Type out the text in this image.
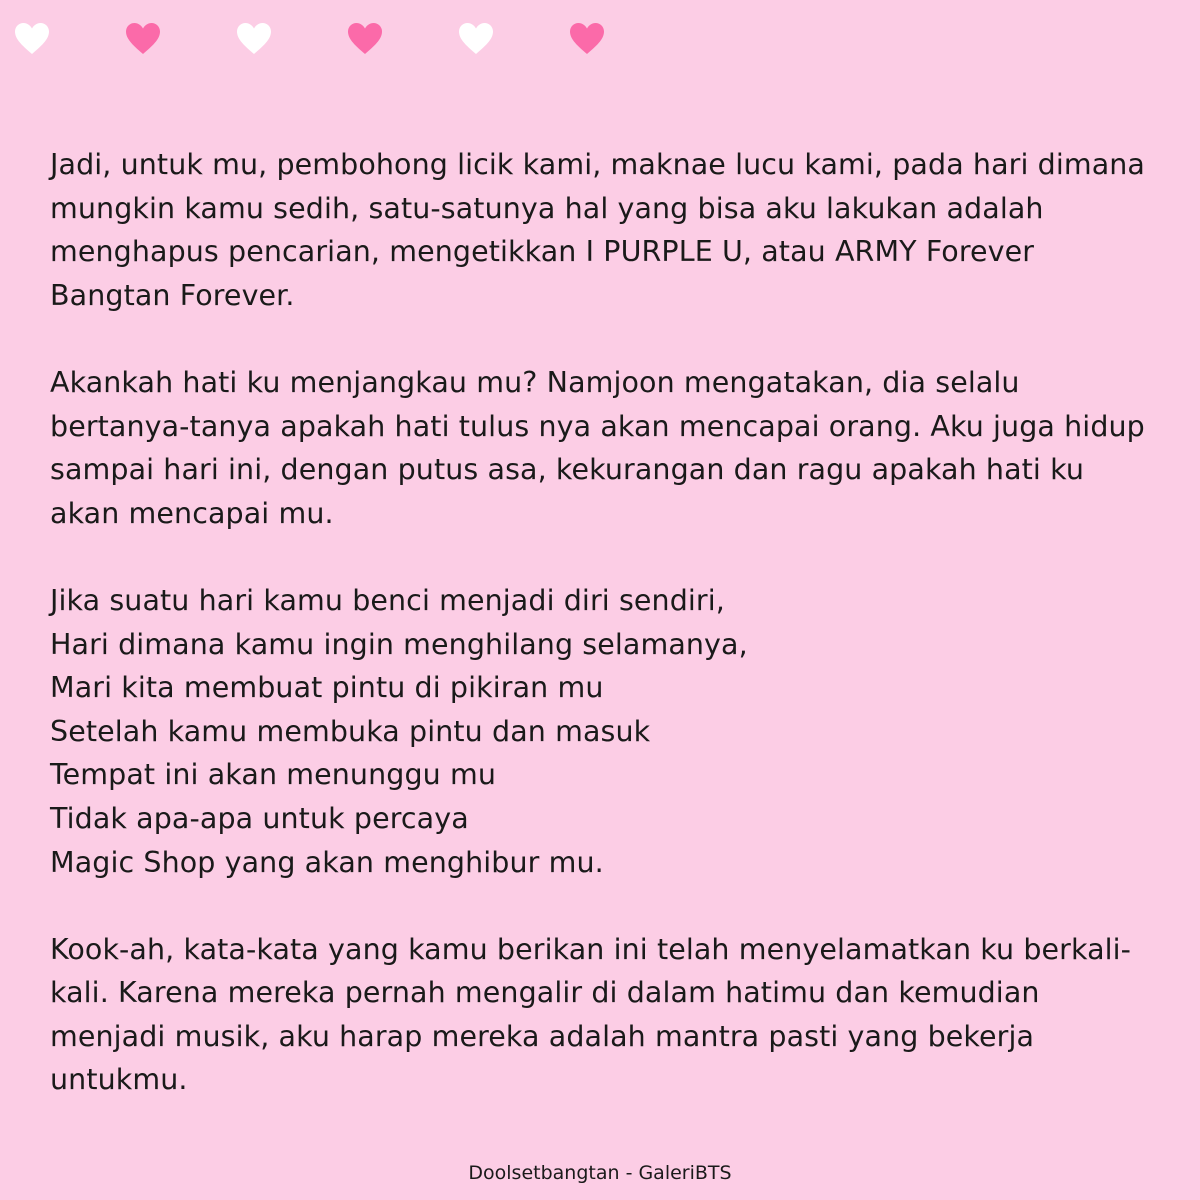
Jadi, untuk mu, pembohong licik kami, maknae lucu kami, pada hari dimana
mungkin kamu sedih, satu-satunya hal yang bisa aku lakukan adalah
menghapus pencarian, mengetikkan I PURPLE U, atau ARMY Forever
Bangtan Forever.

Akankah hati ku menjangkau mu? Namjoon mengatakan, dia selalu
bertanya-tanya apakah hati tulus nya akan mencapai orang. Aku juga hidup
sampai hari ini, dengan putus asa, kekurangan dan ragu apakah hati ku
akan mencapai mu.

Jika suatu hari kamu benci menjadi diri sendiri,
Hari dimana kamu ingin menghilang selamanya,
Mari kita membuat pintu di pikiran mu
Setelah kamu membuka pintu dan masuk
Tempat ini akan menunggu mu
Tidak apa-apa untuk percaya
Magic Shop yang akan menghibur mu.

Kook-ah, kata-kata yang kamu berikan ini telah menyelamatkan ku berkali-
kali. Karena mereka pernah mengalir di dalam hatimu dan kemudian
menjadi musik, aku harap mereka adalah mantra pasti yang bekerja
untukmu.

Doolsetbangtan - GaleriBTS
